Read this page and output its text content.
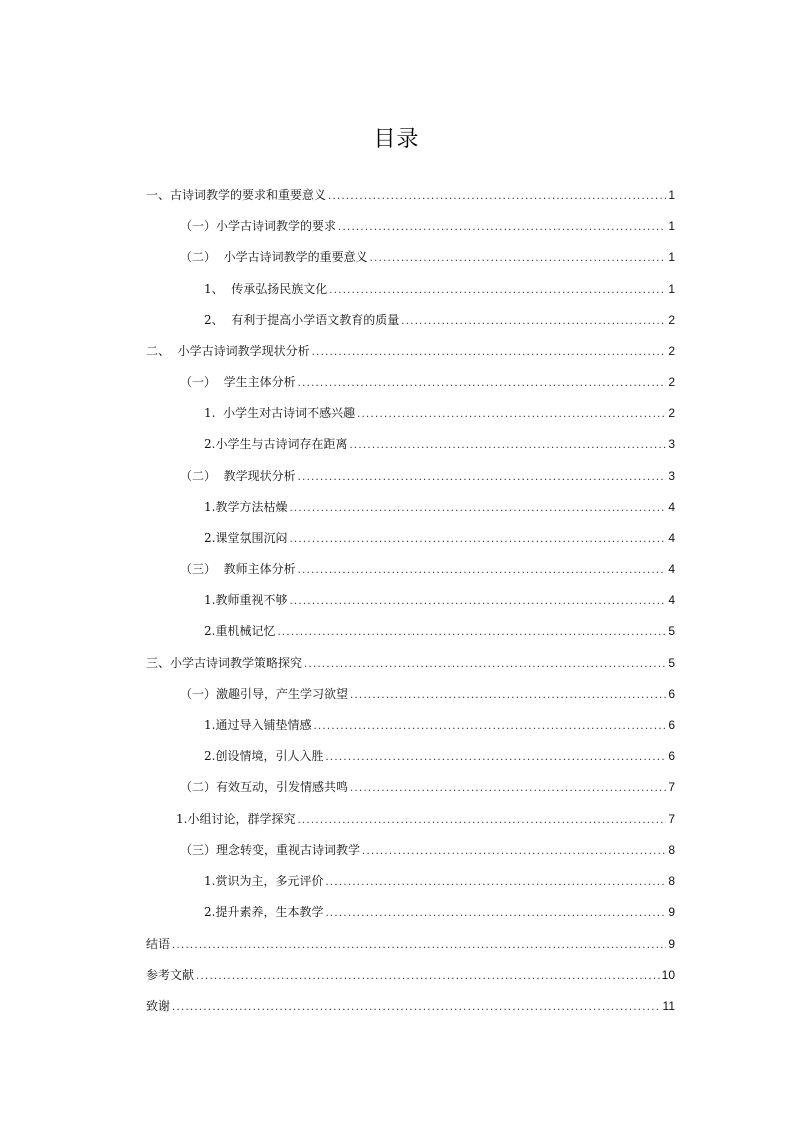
目录
一、古诗词教学的要求和重要意义 .....	1
（一）小学古诗词教学的要求 .....	1
（二）  小学古诗词教学的重要意义 .....	1
1、  传承弘扬民族文化 .....	1
2、  有利于提高小学语文教育的质量 .....	2
二、  小学古诗词教学现状分析 .....	2
（一）  学生主体分析 .....	2
1.  小学生对古诗词不感兴趣 .....	2
2.小学生与古诗词存在距离 .....	3
（二）  教学现状分析 .....	3
1.教学方法枯燥 .....	4
2.课堂氛围沉闷 .....	4
（三）  教师主体分析 .....	4
1.教师重视不够 .....	4
2.重机械记忆 .....	5
三、小学古诗词教学策略探究 .....	5
（一）激趣引导，产生学习欲望 .....	6
1.通过导入铺垫情感 .....	6
2.创设情境，引人入胜 .....	6
（二）有效互动，引发情感共鸣 .....	7
1.小组讨论，群学探究 .....	7
（三）理念转变，重视古诗词教学 .....	8
1.赏识为主，多元评价 .....	8
2.提升素养，生本教学 .....	9
结语 .....	9
参考文献 .....	10
致谢 .....	11
